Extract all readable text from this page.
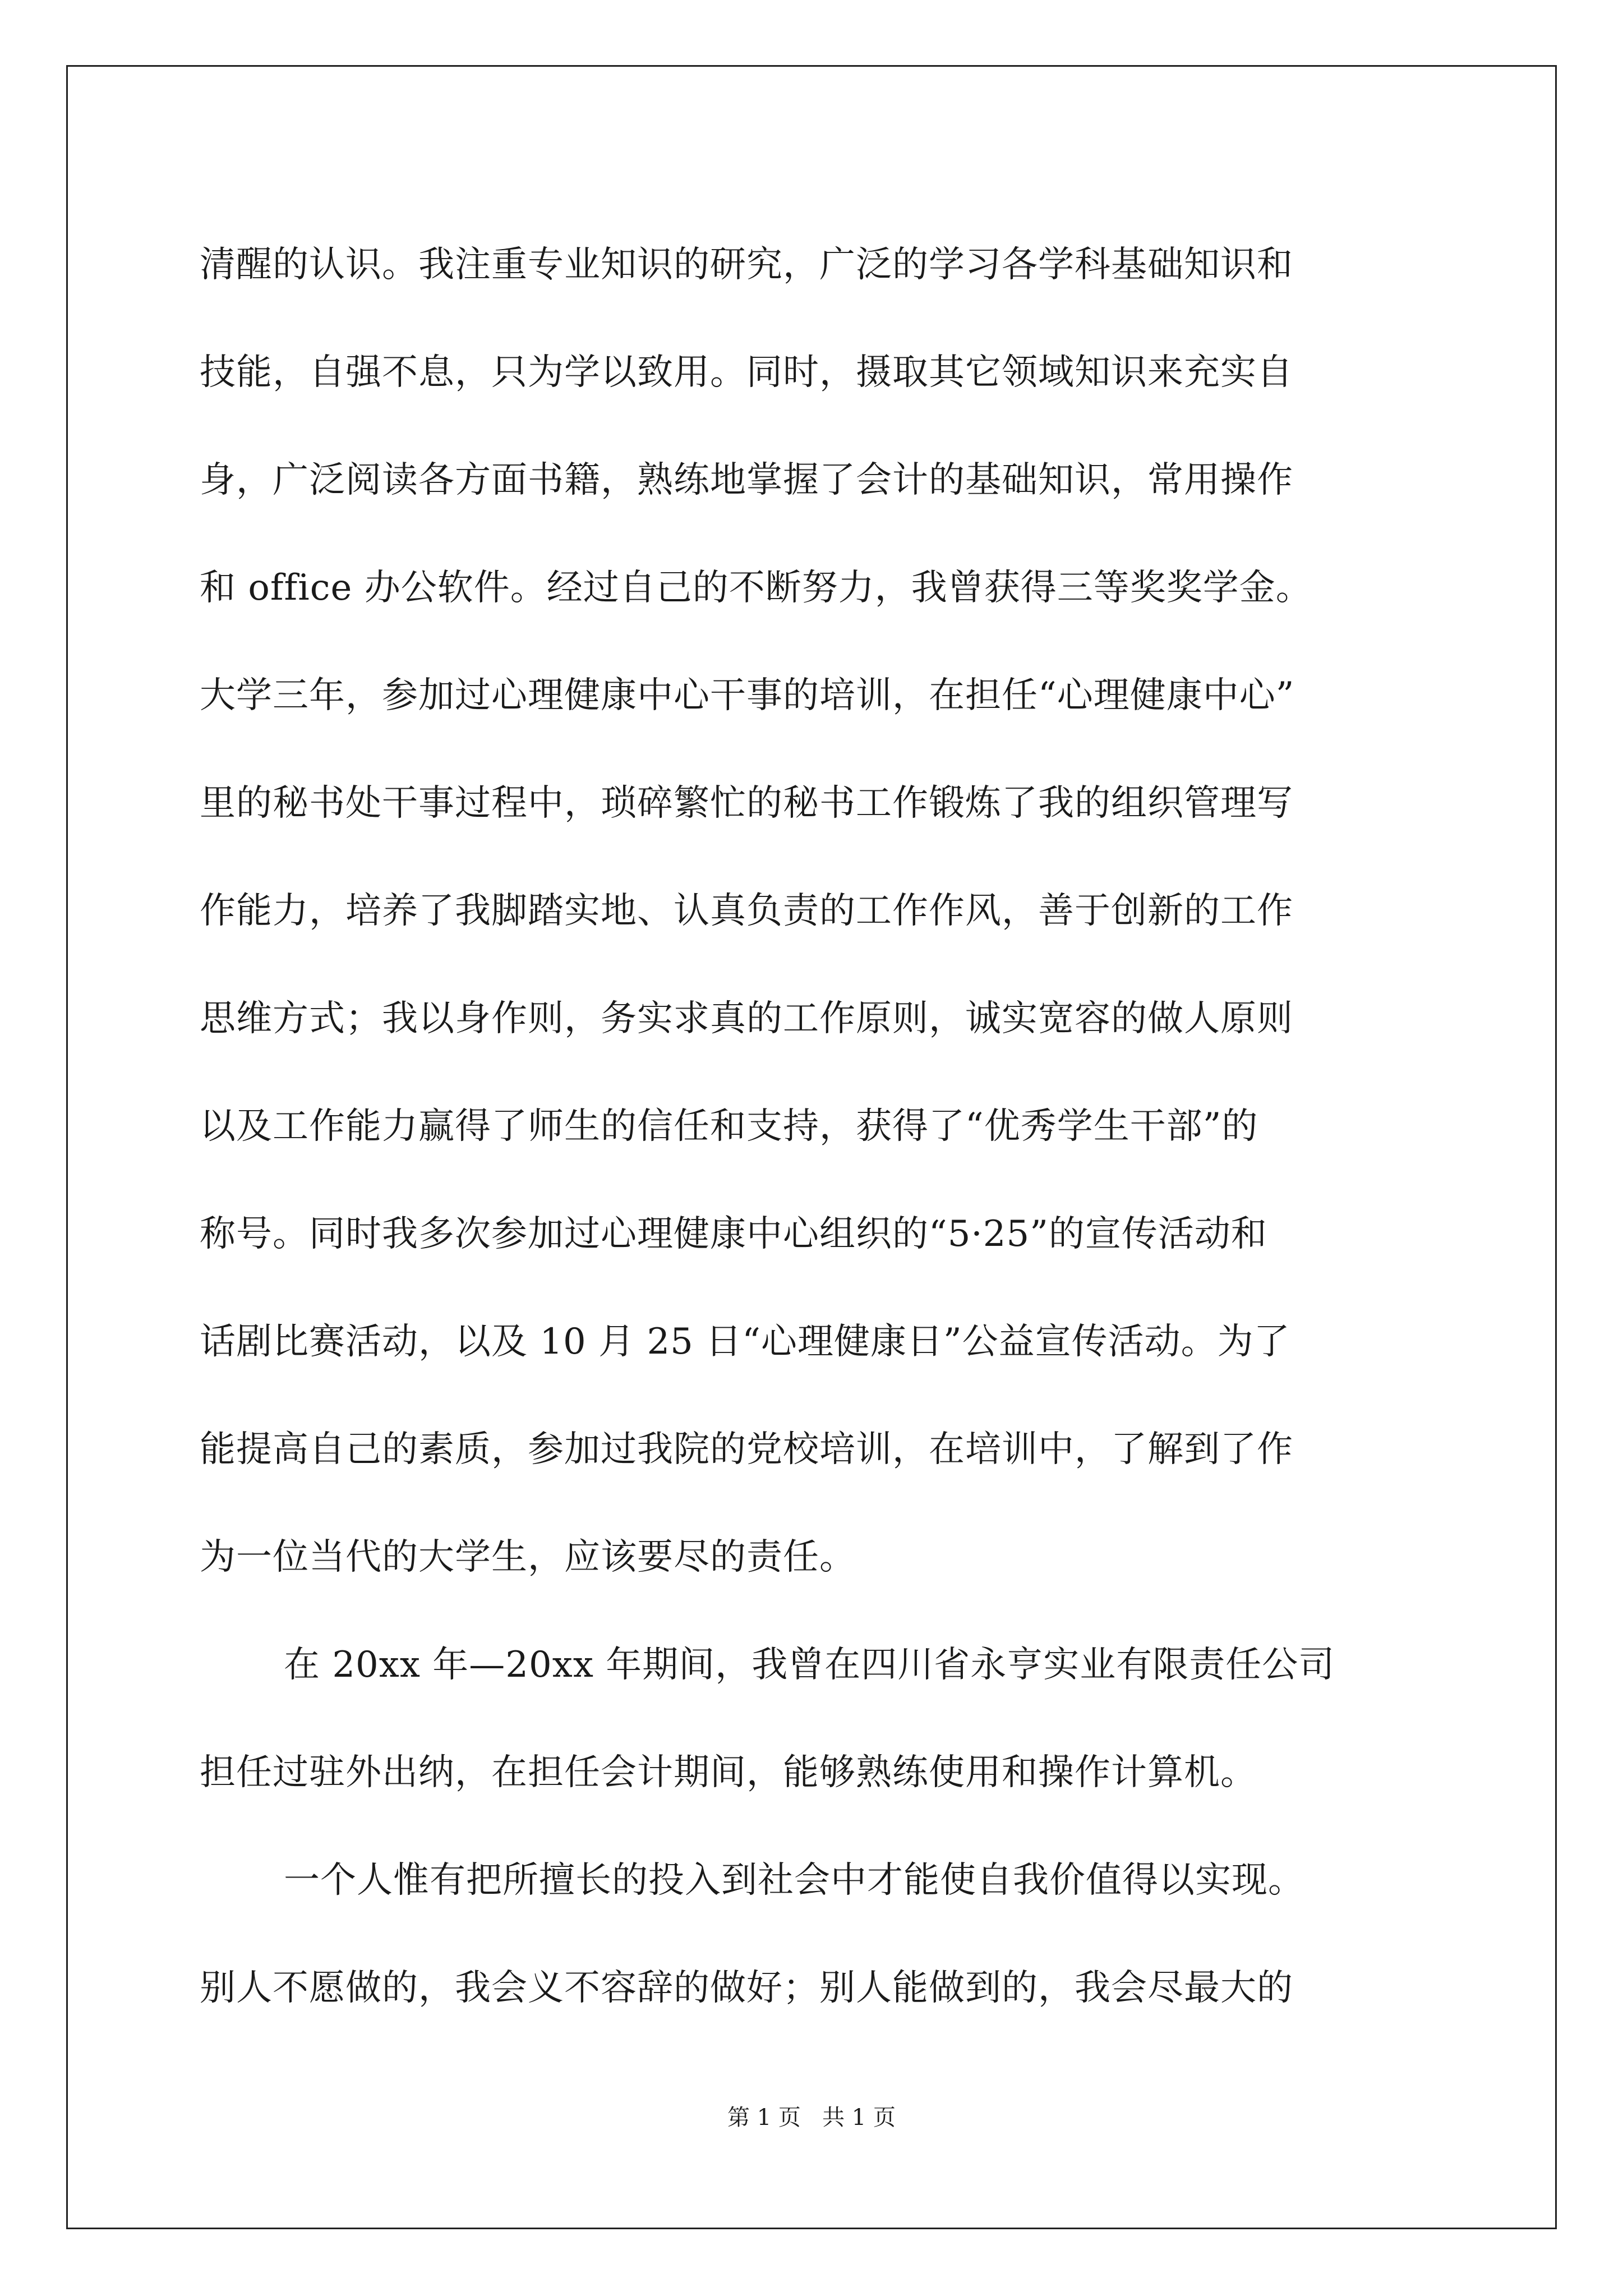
清醒的认识。我注重专业知识的研究，广泛的学习各学科基础知识和
技能，自强不息，只为学以致用。同时，摄取其它领域知识来充实自
身，广泛阅读各方面书籍，熟练地掌握了会计的基础知识，常用操作
和 office 办公软件。经过自己的不断努力，我曾获得三等奖奖学金。
大学三年，参加过心理健康中心干事的培训，在担任“心理健康中心”
里的秘书处干事过程中，琐碎繁忙的秘书工作锻炼了我的组织管理写
作能力，培养了我脚踏实地、认真负责的工作作风，善于创新的工作
思维方式；我以身作则，务实求真的工作原则，诚实宽容的做人原则
以及工作能力赢得了师生的信任和支持，获得了“优秀学生干部”的
称号。同时我多次参加过心理健康中心组织的“5·25”的宣传活动和
话剧比赛活动，以及 10 月 25 日“心理健康日”公益宣传活动。为了
能提高自己的素质，参加过我院的党校培训，在培训中，了解到了作
为一位当代的大学生，应该要尽的责任。
在 20xx 年—20xx 年期间，我曾在四川省永亨实业有限责任公司
担任过驻外出纳，在担任会计期间，能够熟练使用和操作计算机。
一个人惟有把所擅长的投入到社会中才能使自我价值得以实现。
别人不愿做的，我会义不容辞的做好；别人能做到的，我会尽最大的
第 1 页   共 1 页
